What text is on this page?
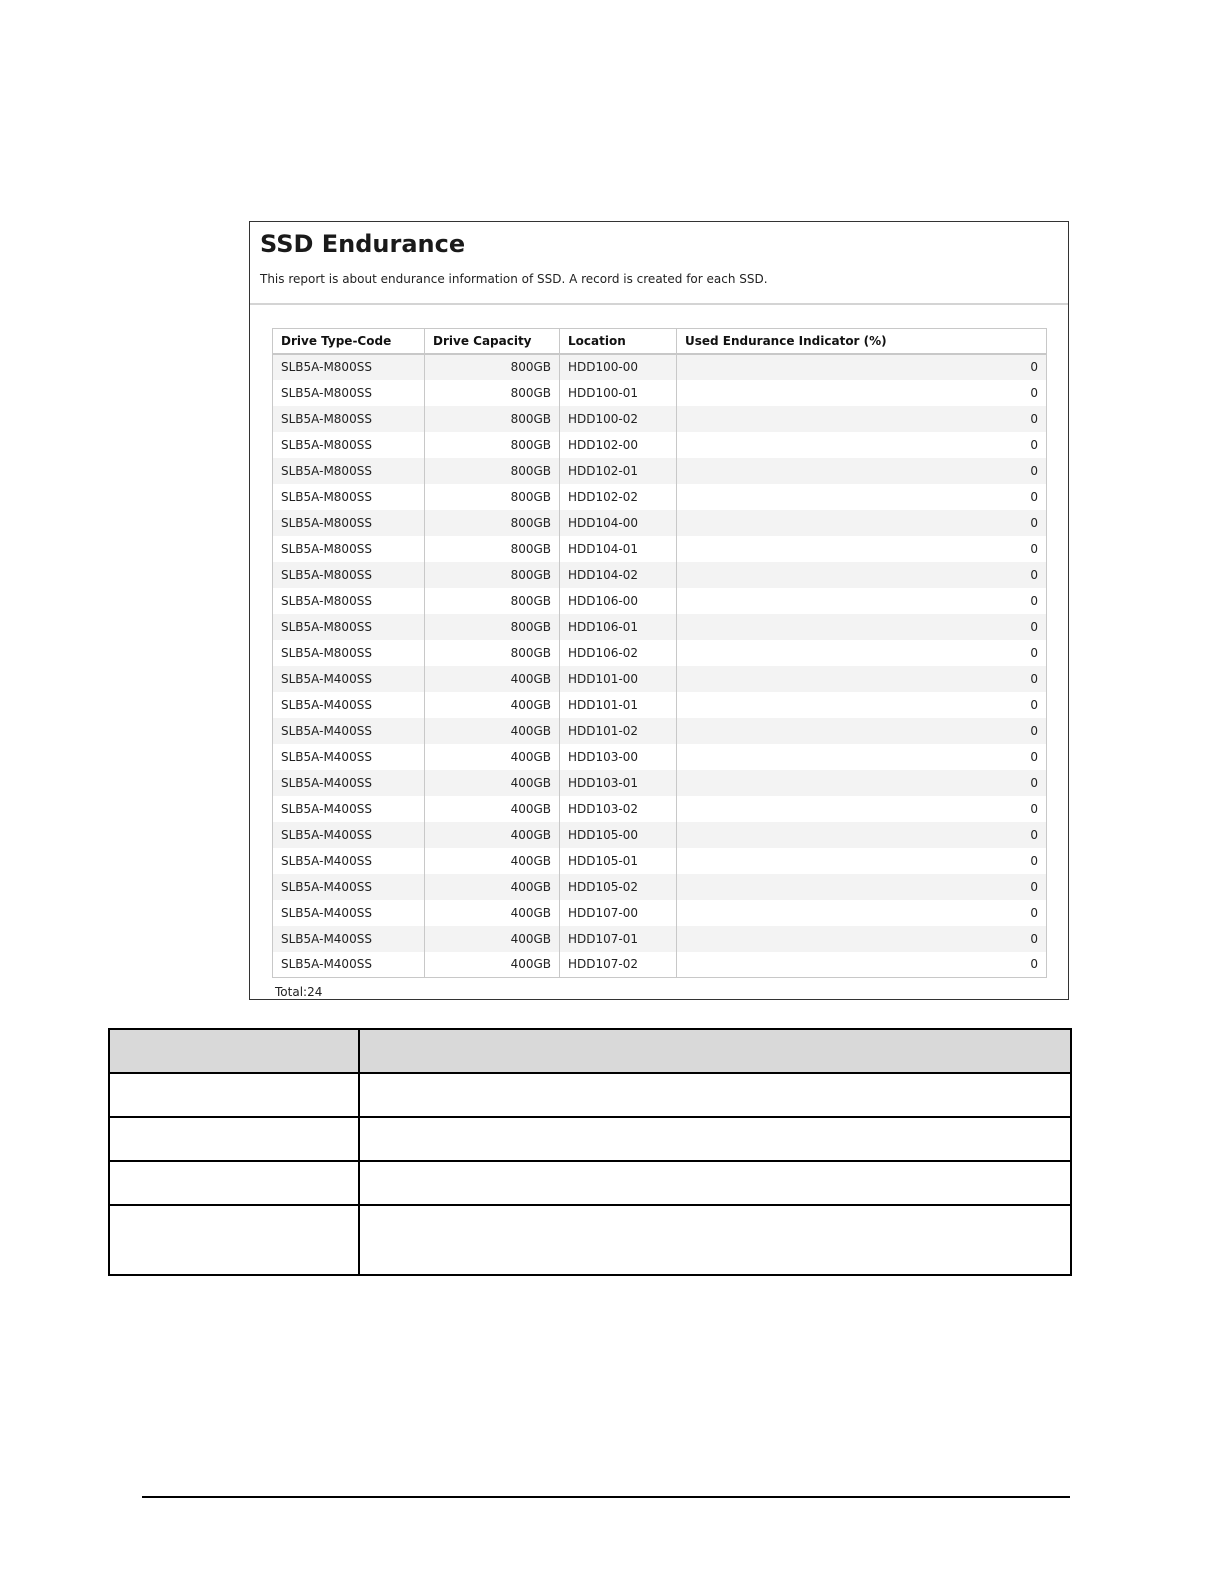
SSD Endurance

This report is about endurance information of SSD. A record is created for each SSD.

Drive Type-Code	Drive Capacity	Location	Used Endurance Indicator (%)
SLB5A-M800SS	800GB	HDD100-00	0
SLB5A-M800SS	800GB	HDD100-01	0
SLB5A-M800SS	800GB	HDD100-02	0
SLB5A-M800SS	800GB	HDD102-00	0
SLB5A-M800SS	800GB	HDD102-01	0
SLB5A-M800SS	800GB	HDD102-02	0
SLB5A-M800SS	800GB	HDD104-00	0
SLB5A-M800SS	800GB	HDD104-01	0
SLB5A-M800SS	800GB	HDD104-02	0
SLB5A-M800SS	800GB	HDD106-00	0
SLB5A-M800SS	800GB	HDD106-01	0
SLB5A-M800SS	800GB	HDD106-02	0
SLB5A-M400SS	400GB	HDD101-00	0
SLB5A-M400SS	400GB	HDD101-01	0
SLB5A-M400SS	400GB	HDD101-02	0
SLB5A-M400SS	400GB	HDD103-00	0
SLB5A-M400SS	400GB	HDD103-01	0
SLB5A-M400SS	400GB	HDD103-02	0
SLB5A-M400SS	400GB	HDD105-00	0
SLB5A-M400SS	400GB	HDD105-01	0
SLB5A-M400SS	400GB	HDD105-02	0
SLB5A-M400SS	400GB	HDD107-00	0
SLB5A-M400SS	400GB	HDD107-01	0
SLB5A-M400SS	400GB	HDD107-02	0
Total:24
